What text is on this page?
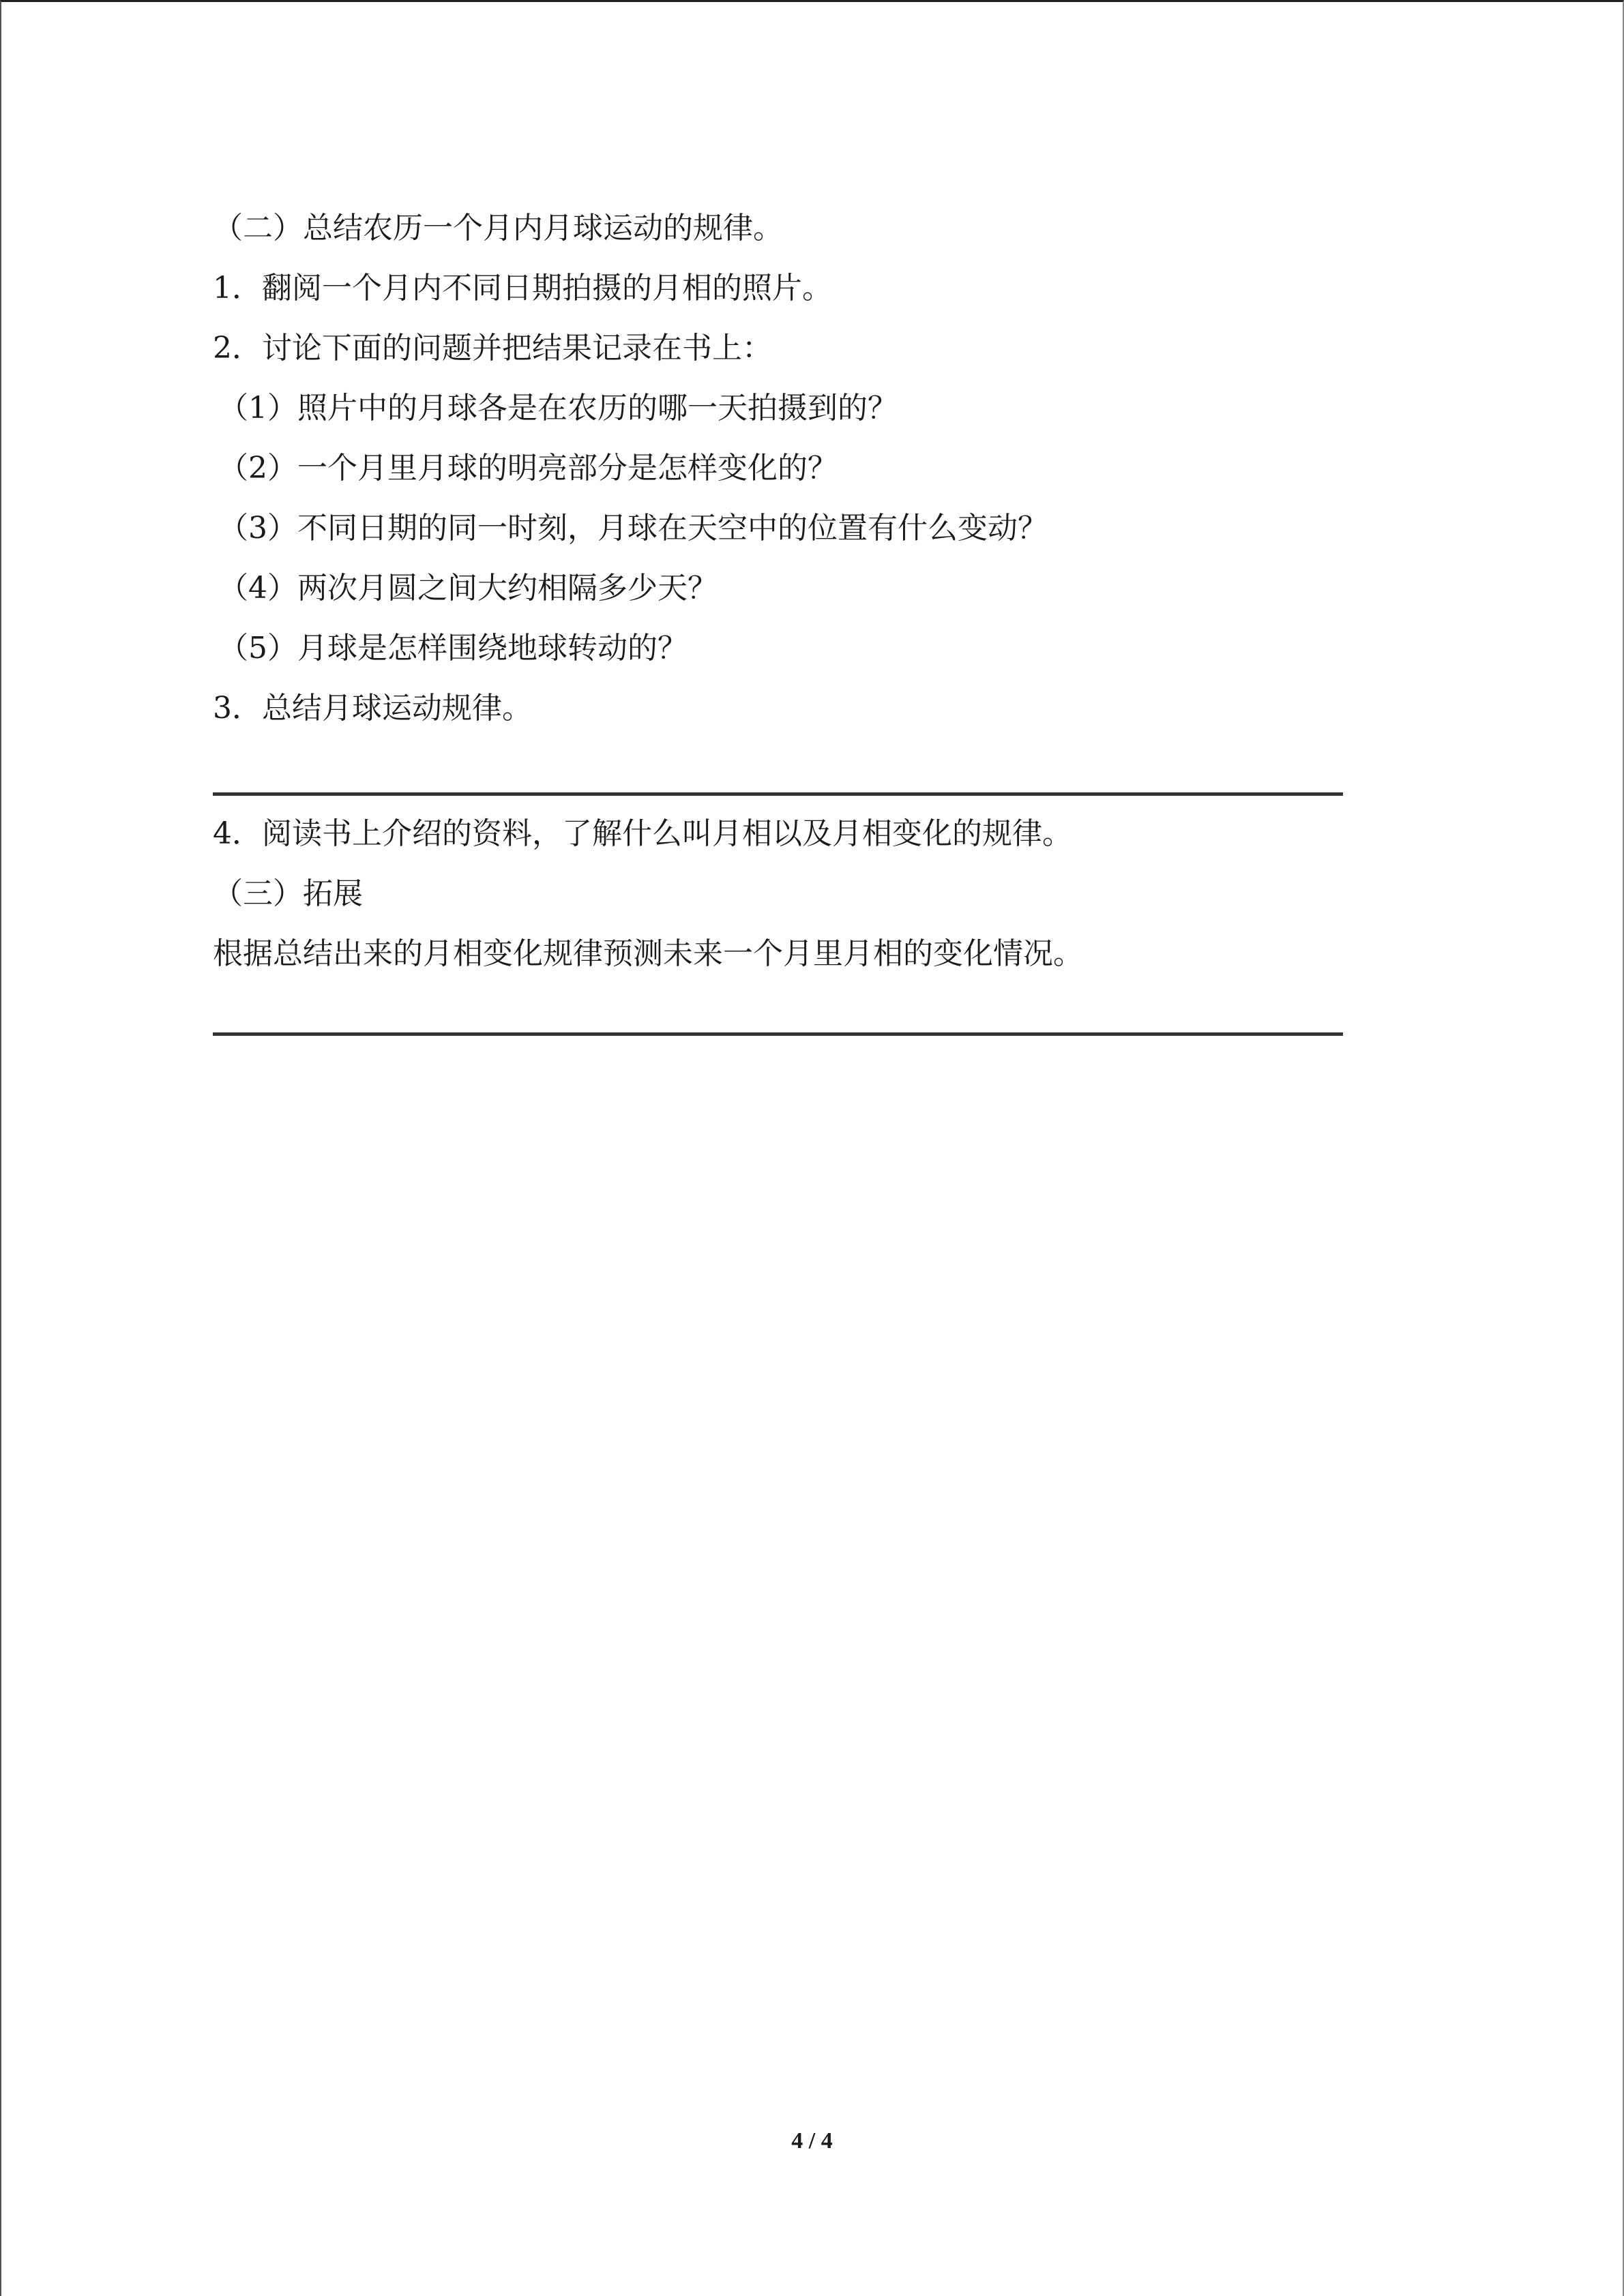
（二）总结农历一个月内月球运动的规律。
1．翻阅一个月内不同日期拍摄的月相的照片。
2．讨论下面的问题并把结果记录在书上：
（1）照片中的月球各是在农历的哪一天拍摄到的？
（2）一个月里月球的明亮部分是怎样变化的？
（3）不同日期的同一时刻，月球在天空中的位置有什么变动？
（4）两次月圆之间大约相隔多少天？
（5）月球是怎样围绕地球转动的？
3．总结月球运动规律。
4．阅读书上介绍的资料，了解什么叫月相以及月相变化的规律。
（三）拓展
根据总结出来的月相变化规律预测未来一个月里月相的变化情况。
4 / 4
